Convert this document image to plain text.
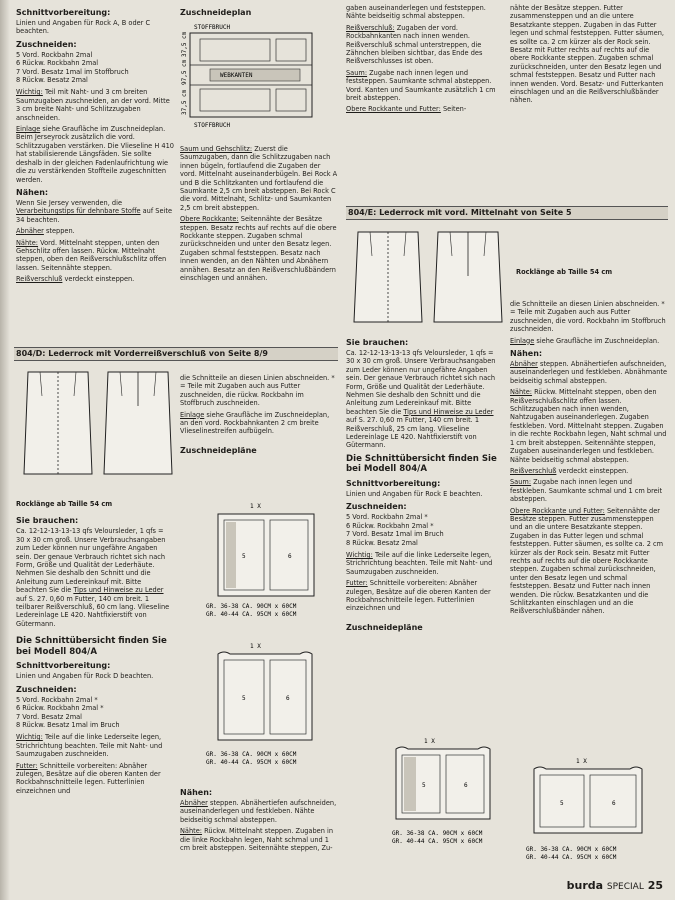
Schnittvorbereitung:

Linien und Angaben für Rock A, B oder C beachten.

Zuschneiden:
5 Vord. Rockbahn 2mal
6 Rückw. Rockbahn 2mal
7 Vord. Besatz 1mal im Stoffbruch
8 Rückw. Besatz 2mal

Wichtig: Teil mit Naht- und 3 cm breiten Saumzugaben zuschneiden, an der vord. Mitte 3 cm breite Naht- und Schlitzzugaben anschneiden.

Einlage siehe Graufläche im Zuschneideplan. Beim Jerseyrock zusätzlich die vord. Schlitzzugaben verstärken. Die Vlieseline H 410 hat stabilisierende Längsfäden. Sie sollte deshalb in der gleichen Fadenlaufrichtung wie die zu verstärkenden Stoffteile zugeschnitten werden.

Nähen:

Wenn Sie Jersey verwenden, die Verarbeitungstips für dehnbare Stoffe auf Seite 34 beachten.

Abnäher steppen.

Nähte: Vord. Mittelnaht steppen, unten den Gehschlitz offen lassen. Rückw. Mittelnaht steppen, oben den Reißverschlußschlitz offen lassen. Seitennähte steppen.

Reißverschluß verdeckt einsteppen.

Zuschneideplan
STOFFBRUCH
STOFFBRUCH
WEBKANTEN
37,5 cm
97,5 cm
37,5 cm

Saum und Gehschlitz: Zuerst die Saumzugaben, dann die Schlitzzugaben nach innen bügeln, fortlaufend die Zugaben der vord. Mittelnaht auseinanderbügeln. Bei Rock A und B die Schlitzkanten und fortlaufend die Saumkante 2,5 cm breit absteppen. Bei Rock C die vord. Mittelnaht, Schlitz- und Saumkanten 2,5 cm breit absteppen.

Obere Rockkante: Seitennähte der Besätze steppen. Besatz rechts auf rechts auf die obere Rockkante steppen. Zugaben schmal zurückschneiden und unter den Besatz legen. Zugaben schmal feststeppen. Besatz nach innen wenden, an den Nähten und Abnähern annähen. Besatz an den Reißverschlußbändern einschlagen und annähen.

gaben auseinanderlegen und feststeppen. Nähte beidseitig schmal absteppen.

Reißverschluß: Zugaben der vord. Rockbahnkanten nach innen wenden. Reißverschluß schmal unterstreppen, die Zähnchen bleiben sichtbar, das Ende des Reißverschlusses ist oben.

Saum: Zugabe nach innen legen und feststeppen. Saumkante schmal absteppen. Vord. Kanten und Saumkante zusätzlich 1 cm breit absteppen.

Obere Rockkante und Futter: Seiten-

nähte der Besätze steppen. Futter zusammensteppen und an die untere Besatzkante steppen. Zugaben in das Futter legen und schmal feststeppen. Futter säumen, es sollte ca. 2 cm kürzer als der Rock sein. Besatz mit Futter rechts auf rechts auf die obere Rockkante steppen. Zugaben schmal zurückschneiden, unter den Besatz legen und schmal feststeppen. Besatz und Futter nach innen wenden. Vord. Besatz- und Futterkanten einschlagen und an die Reißverschlußbänder nähen.

804/E: Lederrock mit vord. Mittelnaht von Seite 5
Rocklänge ab Taille 54 cm
Sie brauchen:

Ca. 12-12-13-13-13 qfs Veloursleder, 1 qfs = 30 x 30 cm groß. Unsere Verbrauchsangaben zum Leder können nur ungefähre Angaben sein. Der genaue Verbrauch richtet sich nach Form, Größe und Qualität der Lederhäute. Nehmen Sie deshalb den Schnitt und die Anleitung zum Ledereinkauf mit. Bitte beachten Sie die Tips und Hinweise zu Leder auf S. 27. 0,60 m Futter, 140 cm breit. 1 Reißverschluß, 25 cm lang. Vlieseline Ledereinlage LE 420. Nahtfixierstift von Gütermann.

Die Schnittübersicht finden Sie bei Modell 804/A
Schnittvorbereitung:

Linien und Angaben für Rock E beachten.

Zuschneiden:
5 Vord. Rockbahn 2mal *
6 Rückw. Rockbahn 2mal *
7 Vord. Besatz 1mal im Bruch
8 Rückw. Besatz 2mal

Wichtig: Teile auf die linke Lederseite legen, Strichrichtung beachten. Teile mit Naht- und Saumzugaben zuschneiden.

Futter: Schnitteile vorbereiten: Abnäher zulegen, Besätze auf die oberen Kanten der Rockbahnschnitteile legen. Futterlinien einzeichnen und

Zuschneidepläne
1 X
5	6
GR. 36-38 CA. 90CM x 60CM
GR. 40-44 CA. 95CM x 60CM

die Schnitteile an diesen Linien abschneiden. * = Teile mit Zugaben auch aus Futter zuschneiden, die vord. Rockbahn im Stoffbruch zuschneiden.

Einlage siehe Graufläche im Zuschneideplan.

Nähen:

Abnäher steppen. Abnähertiefen aufschneiden, auseinanderlegen und festkleben. Abnähmante beidseitig schmal absteppen.

Nähte: Rückw. Mittelnaht steppen, oben den Reißverschlußschlitz offen lassen. Schlitzzugaben nach innen wenden, Nahtzugaben auseinanderlegen. Zugaben festkleben. Vord. Mittelnaht steppen. Zugaben in die rechte Rockbahn legen, Naht schmal und 1 cm breit absteppen. Seitennähte steppen, Zugaben auseinanderlegen und festkleben. Nähte beidseitig schmal absteppen.

Reißverschluß verdeckt einsteppen.

Saum: Zugabe nach innen legen und festkleben. Saumkante schmal und 1 cm breit absteppen.

Obere Rockkante und Futter: Seitennähte der Besätze steppen. Futter zusammensteppen und an die untere Besatzkante steppen. Zugaben in das Futter legen und schmal feststeppen. Futter säumen, es sollte ca. 2 cm kürzer als der Rock sein. Besatz mit Futter rechts auf rechts auf die obere Rockkante steppen. Zugaben schmal zurückschneiden, unter den Besatz legen und schmal feststeppen. Besatz und Futter nach innen wenden. Die rückw. Besatzkanten und die Schlitzkanten einschlagen und an die Reißverschlußbänder nähen.

1 X
5	6
GR. 36-38 CA. 90CM x 60CM
GR. 40-44 CA. 95CM x 60CM
804/D: Lederrock mit Vorderreißverschluß von Seite 8/9
Rocklänge ab Taille 54 cm
Sie brauchen:

Ca. 12-12-13-13-13 qfs Veloursleder, 1 qfs = 30 x 30 cm groß. Unsere Verbrauchsangaben zum Leder können nur ungefähre Angaben sein. Der genaue Verbrauch richtet sich nach Form, Größe und Qualität der Lederhäute. Nehmen Sie deshalb den Schnitt und die Anleitung zum Ledereinkauf mit. Bitte beachten Sie die Tips und Hinweise zu Leder auf S. 27. 0,60 m Futter, 140 cm breit. 1 teilbarer Reißverschluß, 60 cm lang. Vlieseline Ledereinlage LE 420. Nahtfixierstift von Gütermann.

Die Schnittübersicht finden Sie bei Modell 804/A
Schnittvorbereitung:

Linien und Angaben für Rock D beachten.

Zuschneiden:
5 Vord. Rockbahn 2mal *
6 Rückw. Rockbahn 2mal *
7 Vord. Besatz 2mal
8 Rückw. Besatz 1mal im Bruch

Wichtig: Teile auf die linke Lederseite legen, Strichrichtung beachten. Teile mit Naht- und Saumzugaben zuschneiden.

Futter: Schnitteile vorbereiten: Abnäher zulegen, Besätze auf die oberen Kanten der Rockbahnschnitteile legen. Futterlinien einzeichnen und

die Schnitteile an diesen Linien abschneiden. * = Teile mit Zugaben auch aus Futter zuschneiden, die rückw. Rockbahn im Stoffbruch zuschneiden.

Einlage siehe Graufläche im Zuschneideplan, an den vord. Rockbahnkanten 2 cm breite Vlieselinestreifen aufbügeln.

Zuschneidepläne
1 X
5	6
GR. 36-38 CA. 90CM x 60CM
GR. 40-44 CA. 95CM x 60CM
1 X
5	6
GR. 36-38 CA. 90CM x 60CM
GR. 40-44 CA. 95CM x 60CM
Nähen:

Abnäher steppen. Abnähertiefen aufschneiden, auseinanderlegen und festkleben. Nähte beidseitig schmal absteppen.

Nähte: Rückw. Mittelnaht steppen. Zugaben in die linke Rockbahn legen, Naht schmal und 1 cm breit absteppen. Seitennähte steppen, Zu-

burda SPECIAL 25
